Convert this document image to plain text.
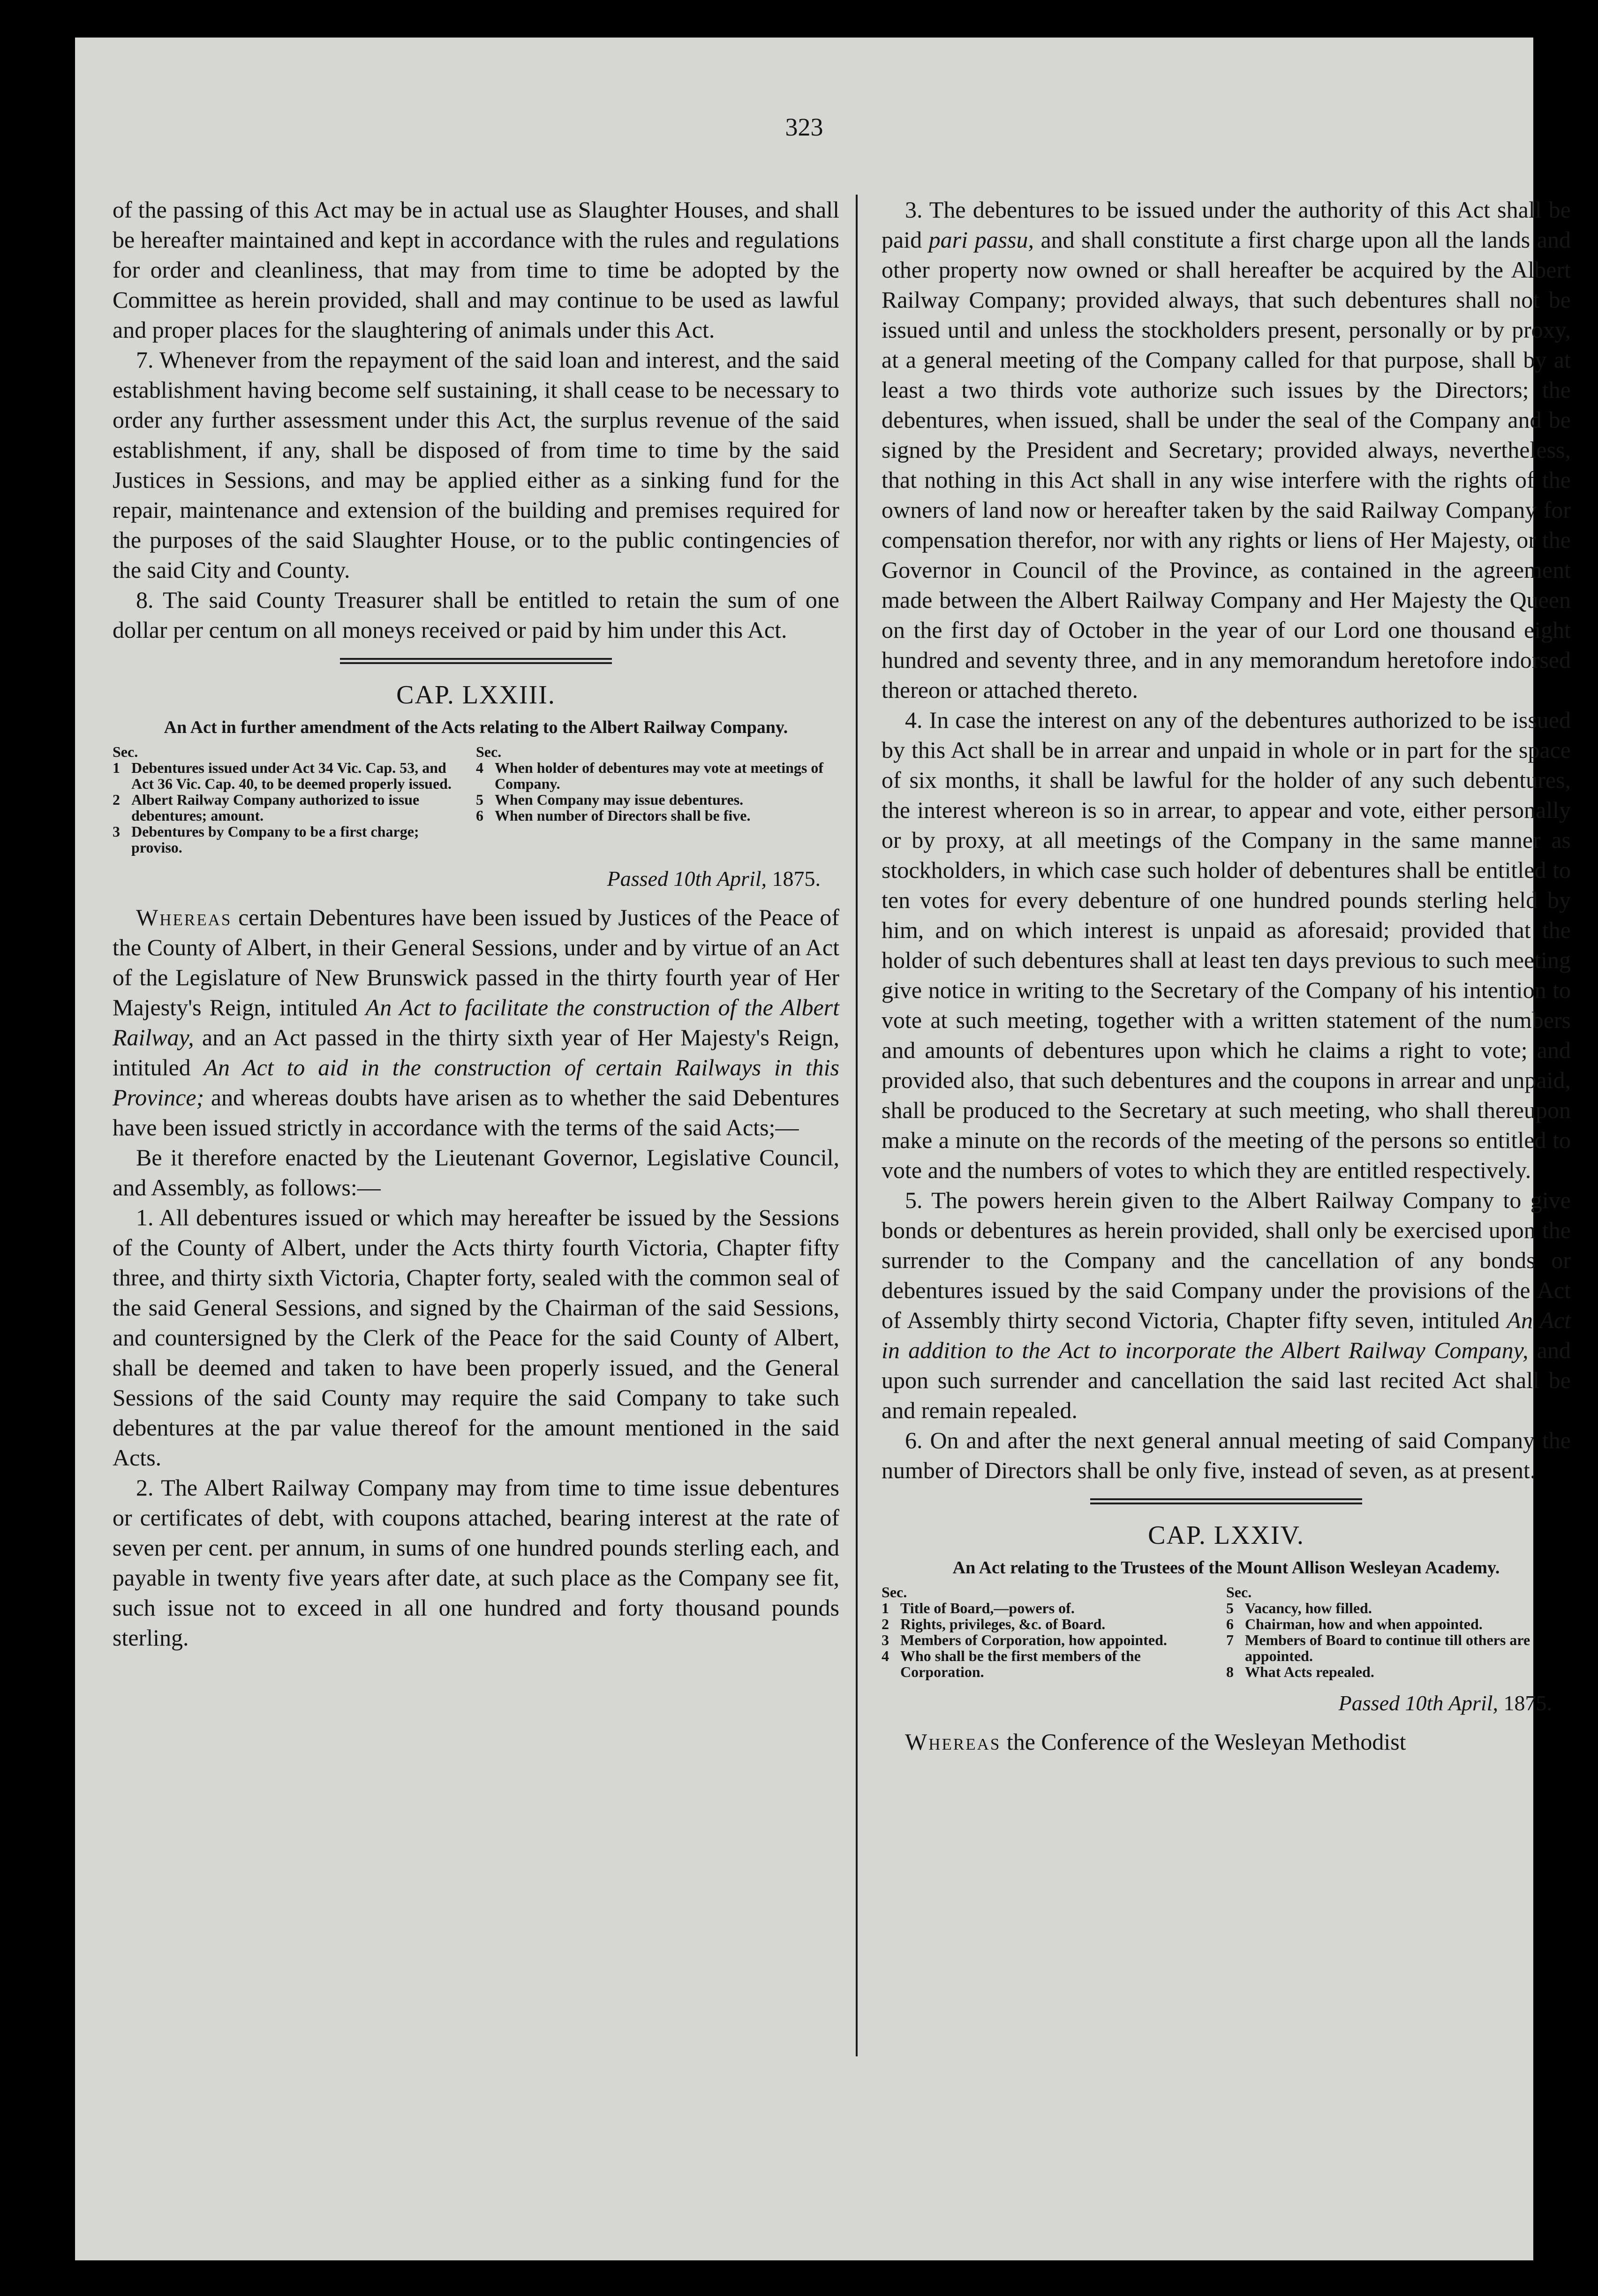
323

of the passing of this Act may be in actual use as Slaughter Houses, and shall be hereafter maintained and kept in accordance with the rules and regulations for order and cleanliness, that may from time to time be adopted by the Committee as herein provided, shall and may continue to be used as lawful and proper places for the slaughtering of animals under this Act.

7. Whenever from the repayment of the said loan and interest, and the said establishment having become self sustaining, it shall cease to be necessary to order any further assessment under this Act, the surplus revenue of the said establishment, if any, shall be disposed of from time to time by the said Justices in Sessions, and may be applied either as a sinking fund for the repair, maintenance and extension of the building and premises required for the purposes of the said Slaughter House, or to the public contingencies of the said City and County.

8. The said County Treasurer shall be entitled to retain the sum of one dollar per centum on all moneys received or paid by him under this Act.

CAP. LXXIII.
An Act in further amendment of the Acts relating to the Albert Railway Company.
Sec.
1 Debentures issued under Act 34 Vic. Cap. 53, and Act 36 Vic. Cap. 40, to be deemed properly issued.
2 Albert Railway Company authorized to issue debentures; amount.
3 Debentures by Company to be a first charge; proviso.
Sec.
4 When holder of debentures may vote at meetings of Company.
5 When Company may issue debentures.
6 When number of Directors shall be five.
Passed 10th April, 1875.

Whereas certain Debentures have been issued by Justices of the Peace of the County of Albert, in their General Sessions, under and by virtue of an Act of the Legislature of New Brunswick passed in the thirty fourth year of Her Majesty's Reign, intituled An Act to facilitate the construction of the Albert Railway, and an Act passed in the thirty sixth year of Her Majesty's Reign, intituled An Act to aid in the construction of certain Railways in this Province; and whereas doubts have arisen as to whether the said Debentures have been issued strictly in accordance with the terms of the said Acts;—

Be it therefore enacted by the Lieutenant Governor, Legislative Council, and Assembly, as follows:—

1. All debentures issued or which may hereafter be issued by the Sessions of the County of Albert, under the Acts thirty fourth Victoria, Chapter fifty three, and thirty sixth Victoria, Chapter forty, sealed with the common seal of the said General Sessions, and signed by the Chairman of the said Sessions, and countersigned by the Clerk of the Peace for the said County of Albert, shall be deemed and taken to have been properly issued, and the General Sessions of the said County may require the said Company to take such debentures at the par value thereof for the amount mentioned in the said Acts.

2. The Albert Railway Company may from time to time issue debentures or certificates of debt, with coupons attached, bearing interest at the rate of seven per cent. per annum, in sums of one hundred pounds sterling each, and payable in twenty five years after date, at such place as the Company see fit, such issue not to exceed in all one hundred and forty thousand pounds sterling.

3. The debentures to be issued under the authority of this Act shall be paid pari passu, and shall constitute a first charge upon all the lands and other property now owned or shall hereafter be acquired by the Albert Railway Company; provided always, that such debentures shall not be issued until and unless the stockholders present, personally or by proxy, at a general meeting of the Company called for that purpose, shall by at least a two thirds vote authorize such issues by the Directors; the debentures, when issued, shall be under the seal of the Company and be signed by the President and Secretary; provided always, nevertheless, that nothing in this Act shall in any wise interfere with the rights of the owners of land now or hereafter taken by the said Railway Company for compensation therefor, nor with any rights or liens of Her Majesty, or the Governor in Council of the Province, as contained in the agreement made between the Albert Railway Company and Her Majesty the Queen on the first day of October in the year of our Lord one thousand eight hundred and seventy three, and in any memorandum heretofore indorsed thereon or attached thereto.

4. In case the interest on any of the debentures authorized to be issued by this Act shall be in arrear and unpaid in whole or in part for the space of six months, it shall be lawful for the holder of any such debentures, the interest whereon is so in arrear, to appear and vote, either personally or by proxy, at all meetings of the Company in the same manner as stockholders, in which case such holder of debentures shall be entitled to ten votes for every debenture of one hundred pounds sterling held by him, and on which interest is unpaid as aforesaid; provided that the holder of such debentures shall at least ten days previous to such meeting give notice in writing to the Secretary of the Company of his intention to vote at such meeting, together with a written statement of the numbers and amounts of debentures upon which he claims a right to vote; and provided also, that such debentures and the coupons in arrear and unpaid, shall be produced to the Secretary at such meeting, who shall thereupon make a minute on the records of the meeting of the persons so entitled to vote and the numbers of votes to which they are entitled respectively.

5. The powers herein given to the Albert Railway Company to give bonds or debentures as herein provided, shall only be exercised upon the surrender to the Company and the cancellation of any bonds or debentures issued by the said Company under the provisions of the Act of Assembly thirty second Victoria, Chapter fifty seven, intituled An Act in addition to the Act to incorporate the Albert Railway Company, and upon such surrender and cancellation the said last recited Act shall be and remain repealed.

6. On and after the next general annual meeting of said Company the number of Directors shall be only five, instead of seven, as at present.

CAP. LXXIV.
An Act relating to the Trustees of the Mount Allison Wesleyan Academy.
Sec.
1 Title of Board,—powers of.
2 Rights, privileges, &c. of Board.
3 Members of Corporation, how appointed.
4 Who shall be the first members of the Corporation.
Sec.
5 Vacancy, how filled.
6 Chairman, how and when appointed.
7 Members of Board to continue till others are appointed.
8 What Acts repealed.
Passed 10th April, 1875.

Whereas the Conference of the Wesleyan Methodist
